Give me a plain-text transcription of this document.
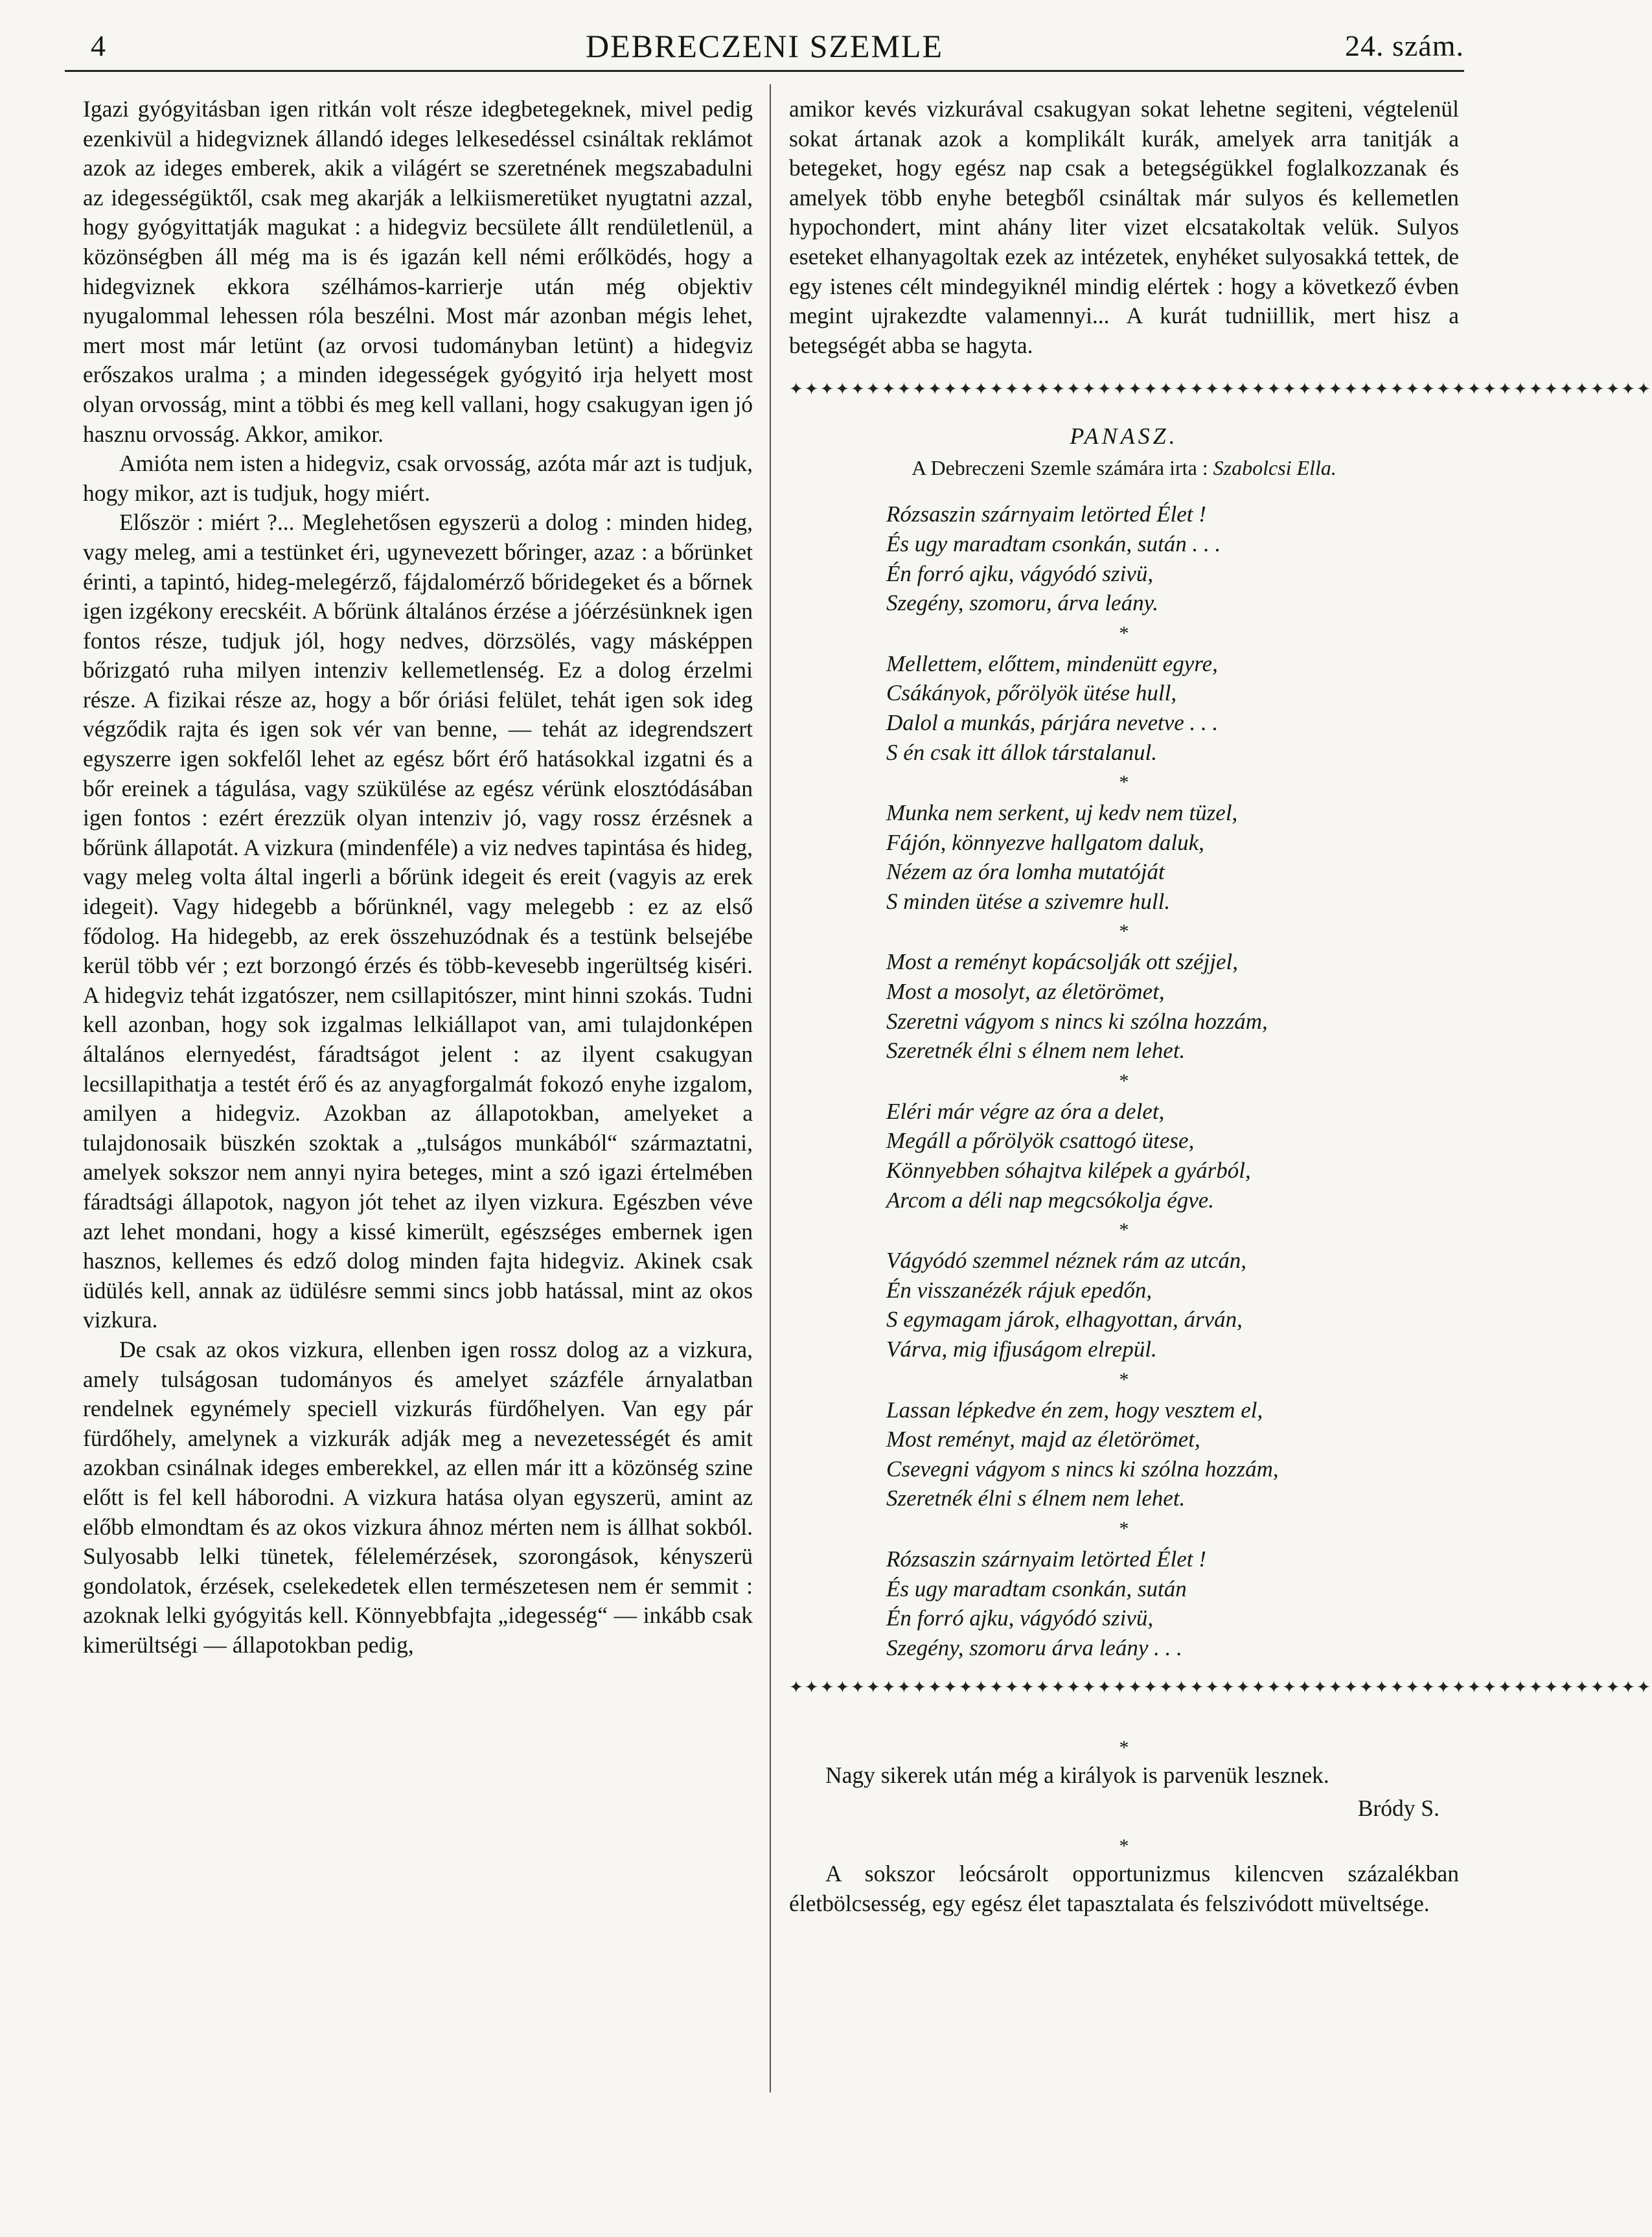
4	DEBRECZENI SZEMLE	24. szám.

Igazi gyógyitásban igen ritkán volt része idegbetegeknek, mivel pedig ezenkivül a hidegviznek állandó ideges lelkesedéssel csináltak reklámot azok az ideges emberek, akik a világért se szeretnének megszabadulni az idegességüktől, csak meg akarják a lelkiismeretüket nyugtatni azzal, hogy gyógyittatják magukat : a hidegviz becsülete állt rendületlenül, a közönségben áll még ma is és igazán kell némi erőlködés, hogy a hidegviznek ekkora szélhámos-karrierje után még objektiv nyugalommal lehessen róla beszélni. Most már azonban mégis lehet, mert most már letünt (az orvosi tudományban letünt) a hidegviz erőszakos uralma ; a minden idegességek gyógyitó irja helyett most olyan orvosság, mint a többi és meg kell vallani, hogy csakugyan igen jó hasznu orvosság. Akkor, amikor.

Amióta nem isten a hidegviz, csak orvosság, azóta már azt is tudjuk, hogy mikor, azt is tudjuk, hogy miért.

Először : miért ?... Meglehetősen egyszerü a dolog : minden hideg, vagy meleg, ami a testünket éri, ugynevezett bőringer, azaz : a bőrünket érinti, a tapintó, hideg-melegérző, fájdalomérző bőridegeket és a bőrnek igen izgékony erecskéit. A bőrünk általános érzése a jóérzésünknek igen fontos része, tudjuk jól, hogy nedves, dörzsölés, vagy másképpen bőrizgató ruha milyen intenziv kellemetlenség. Ez a dolog érzelmi része. A fizikai része az, hogy a bőr óriási felület, tehát igen sok ideg végződik rajta és igen sok vér van benne, — tehát az idegrendszert egyszerre igen sokfelől lehet az egész bőrt érő hatásokkal izgatni és a bőr ereinek a tágulása, vagy szükülése az egész vérünk elosztódásában igen fontos : ezért érezzük olyan intenziv jó, vagy rossz érzésnek a bőrünk állapotát. A vizkura (mindenféle) a viz nedves tapintása és hideg, vagy meleg volta által ingerli a bőrünk idegeit és ereit (vagyis az erek idegeit). Vagy hidegebb a bőrünknél, vagy melegebb : ez az első fődolog. Ha hidegebb, az erek összehuzódnak és a testünk belsejébe kerül több vér ; ezt borzongó érzés és több-kevesebb ingerültség kiséri. A hidegviz tehát izgatószer, nem csillapitószer, mint hinni szokás. Tudni kell azonban, hogy sok izgalmas lelkiállapot van, ami tulajdonképen általános elernyedést, fáradtságot jelent : az ilyent csakugyan lecsillapithatja a testét érő és az anyagforgalmát fokozó enyhe izgalom, amilyen a hidegviz. Azokban az állapotokban, amelyeket a tulajdonosaik büszkén szoktak a „tulságos munkából“ származtatni, amelyek sokszor nem annyi nyira beteges, mint a szó igazi értelmében fáradtsági állapotok, nagyon jót tehet az ilyen vizkura. Egészben véve azt lehet mondani, hogy a kissé kimerült, egészséges embernek igen hasznos, kellemes és edző dolog minden fajta hidegviz. Akinek csak üdülés kell, annak az üdülésre semmi sincs jobb hatással, mint az okos vizkura.

De csak az okos vizkura, ellenben igen rossz dolog az a vizkura, amely tulságosan tudományos és amelyet százféle árnyalatban rendelnek egynémely speciell vizkurás fürdőhelyen. Van egy pár fürdőhely, amelynek a vizkurák adják meg a nevezetességét és amit azokban csinálnak ideges emberekkel, az ellen már itt a közönség szine előtt is fel kell háborodni. A vizkura hatása olyan egyszerü, amint az előbb elmondtam és az okos vizkura áhnoz mérten nem is állhat sokból. Sulyosabb lelki tünetek, félelemérzések, szorongások, kényszerü gondolatok, érzések, cselekedetek ellen természetesen nem ér semmit : azoknak lelki gyógyitás kell. Könnyebbfajta „idegesség“ — inkább csak kimerültségi — állapotokban pedig,

amikor kevés vizkurával csakugyan sokat lehetne segiteni, végtelenül sokat ártanak azok a komplikált kurák, amelyek arra tanitják a betegeket, hogy egész nap csak a betegségükkel foglalkozzanak és amelyek több enyhe betegből csináltak már sulyos és kellemetlen hypochondert, mint ahány liter vizet elcsatakoltak velük. Sulyos eseteket elhanyagoltak ezek az intézetek, enyhéket sulyosakká tettek, de egy istenes célt mindegyiknél mindig elértek : hogy a következő évben megint ujrakezdte valamennyi... A kurát tudniillik, mert hisz a betegségét abba se hagyta.

✦✦✦✦✦✦✦✦✦✦✦✦✦✦✦✦✦✦✦✦✦✦✦✦✦✦✦✦✦✦✦✦✦✦✦✦✦✦✦✦✦✦✦✦✦✦✦✦✦✦✦✦✦✦✦✦
PANASZ.
A Debreczeni Szemle számára irta : Szabolcsi Ella.
Rózsaszin szárnyaim letörted Élet !
És ugy maradtam csonkán, sután . . .
Én forró ajku, vágyódó szivü,
Szegény, szomoru, árva leány.
*
Mellettem, előttem, mindenütt egyre,
Csákányok, pőrölyök ütése hull,
Dalol a munkás, párjára nevetve . . .
S én csak itt állok társtalanul.
*
Munka nem serkent, uj kedv nem tüzel,
Fájón, könnyezve hallgatom daluk,
Nézem az óra lomha mutatóját
S minden ütése a szivemre hull.
*
Most a reményt kopácsolják ott széjjel,
Most a mosolyt, az életörömet,
Szeretni vágyom s nincs ki szólna hozzám,
Szeretnék élni s élnem nem lehet.
*
Eléri már végre az óra a delet,
Megáll a pőrölyök csattogó ütese,
Könnyebben sóhajtva kilépek a gyárból,
Arcom a déli nap megcsókolja égve.
*
Vágyódó szemmel néznek rám az utcán,
Én visszanézék rájuk epedőn,
S egymagam járok, elhagyottan, árván,
Várva, mig ifjuságom elrepül.
*
Lassan lépkedve én zem, hogy vesztem el,
Most reményt, majd az életörömet,
Csevegni vágyom s nincs ki szólna hozzám,
Szeretnék élni s élnem nem lehet.
*
Rózsaszin szárnyaim letörted Élet !
És ugy maradtam csonkán, sután
Én forró ajku, vágyódó szivü,
Szegény, szomoru árva leány . . .
✦✦✦✦✦✦✦✦✦✦✦✦✦✦✦✦✦✦✦✦✦✦✦✦✦✦✦✦✦✦✦✦✦✦✦✦✦✦✦✦✦✦✦✦✦✦✦✦✦✦✦✦✦✦✦✦
*

Nagy sikerek után még a királyok is parvenük lesznek.

Bródy S.
*

A sokszor leócsárolt opportunizmus kilencven százalékban életbölcsesség, egy egész élet tapasztalata és felszivódott müveltsége.
